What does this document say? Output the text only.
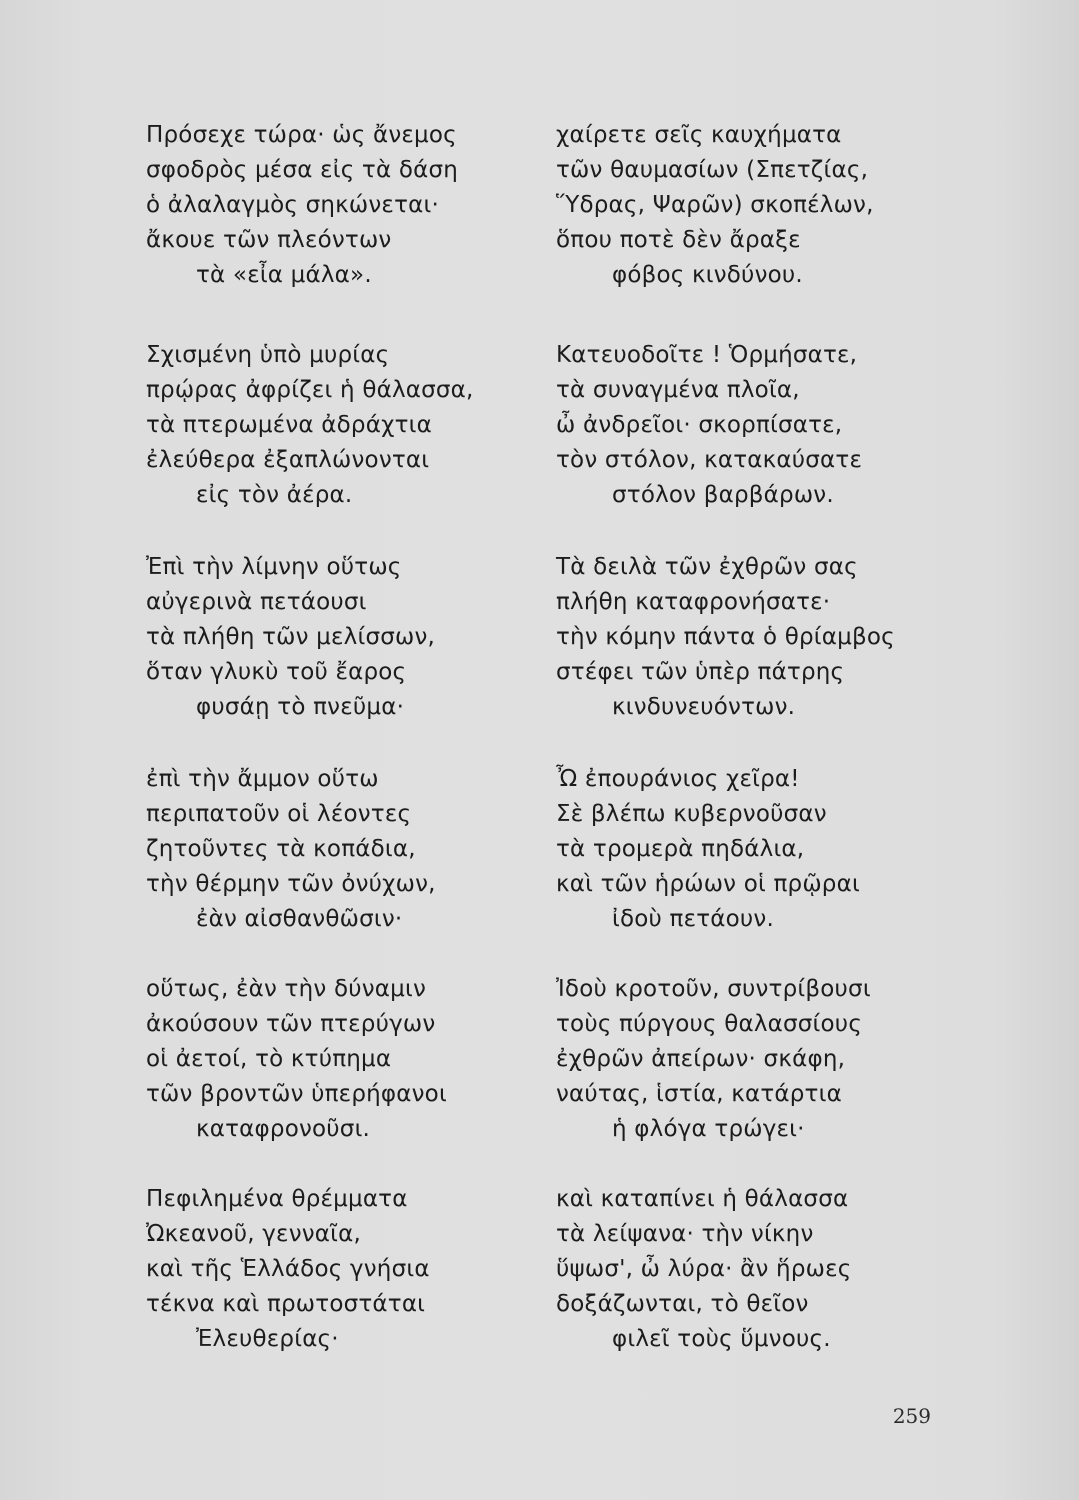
Πρόσεχε τώρα· ὡς ἄνεμος
σφοδρὸς μέσα εἰς τὰ δάση
ὁ ἀλαλαγμὸς σηκώνεται·
ἄκουε τῶν πλεόντων
τὰ «εἶα μάλα».
Σχισμένη ὑπὸ μυρίας
πρῴρας ἀφρίζει ἡ θάλασσα,
τὰ πτερωμένα ἀδράχτια
ἐλεύθερα ἐξαπλώνονται
εἰς τὸν ἀέρα.
Ἐπὶ τὴν λίμνην οὕτως
αὐγερινὰ πετάουσι
τὰ πλήθη τῶν μελίσσων,
ὅταν γλυκὺ τοῦ ἔαρος
φυσάῃ τὸ πνεῦμα·
ἐπὶ τὴν ἄμμον οὕτω
περιπατοῦν οἱ λέοντες
ζητοῦντες τὰ κοπάδια,
τὴν θέρμην τῶν ὀνύχων,
ἐὰν αἰσθανθῶσιν·
οὕτως, ἐὰν τὴν δύναμιν
ἀκούσουν τῶν πτερύγων
οἱ ἀετοί, τὸ κτύπημα
τῶν βροντῶν ὑπερήφανοι
καταφρονοῦσι.
Πεφιλημένα θρέμματα
Ὠκεανοῦ, γενναῖα,
καὶ τῆς Ἑλλάδος γνήσια
τέκνα καὶ πρωτοστάται
Ἐλευθερίας·
χαίρετε σεῖς καυχήματα
τῶν θαυμασίων (Σπετζίας,
Ὕδρας, Ψαρῶν) σκοπέλων,
ὅπου ποτὲ δὲν ἄραξε
φόβος κινδύνου.
Κατευοδοῖτε ! Ὁρμήσατε,
τὰ συναγμένα πλοῖα,
ὦ ἀνδρεῖοι· σκορπίσατε,
τὸν στόλον, κατακαύσατε
στόλον βαρβάρων.
Τὰ δειλὰ τῶν ἐχθρῶν σας
πλήθη καταφρονήσατε·
τὴν κόμην πάντα ὁ θρίαμβος
στέφει τῶν ὑπὲρ πάτρης
κινδυνευόντων.
Ὦ ἐπουράνιος χεῖρα!
Σὲ βλέπω κυβερνοῦσαν
τὰ τρομερὰ πηδάλια,
καὶ τῶν ἡρώων οἱ πρῷραι
ἰδοὺ πετάουν.
Ἰδοὺ κροτοῦν, συντρίβουσι
τοὺς πύργους θαλασσίους
ἐχθρῶν ἀπείρων· σκάφη,
ναύτας, ἱστία, κατάρτια
ἡ φλόγα τρώγει·
καὶ καταπίνει ἡ θάλασσα
τὰ λείψανα· τὴν νίκην
ὕψωσ', ὦ λύρα· ἂν ἥρωες
δοξάζωνται, τὸ θεῖον
φιλεῖ τοὺς ὕμνους.
259
